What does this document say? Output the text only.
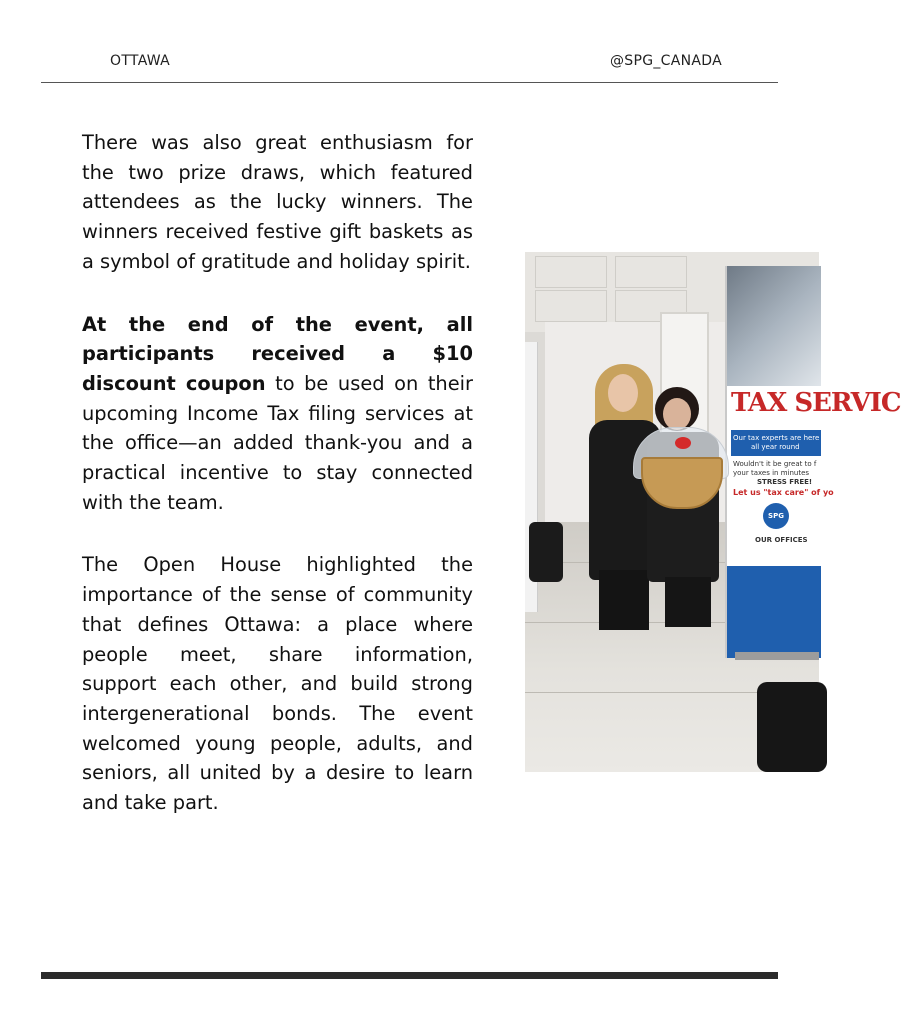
OTTAWA	@SPG_CANADA

There was also great enthusiasm for the two prize draws, which featured attendees as the lucky winners. The winners received festive gift baskets as a symbol of gratitude and holiday spirit.

At the end of the event, all participants received a $10 discount coupon to be used on their upcoming Income Tax filing services at the office—an added thank-you and a practical incentive to stay connected with the team.

The Open House highlighted the importance of the sense of community that defines Ottawa: a place where people meet, share information, support each other, and build strong intergenerational bonds. The event welcomed young people, adults, and seniors, all united by a desire to learn and take part.

TAX SERVIC
Our tax experts are here to assi
all year round
Wouldn't it be great to f
your taxes in minutes
STRESS FREE!
Let us "tax care" of yo
SPG
OUR OFFICES
